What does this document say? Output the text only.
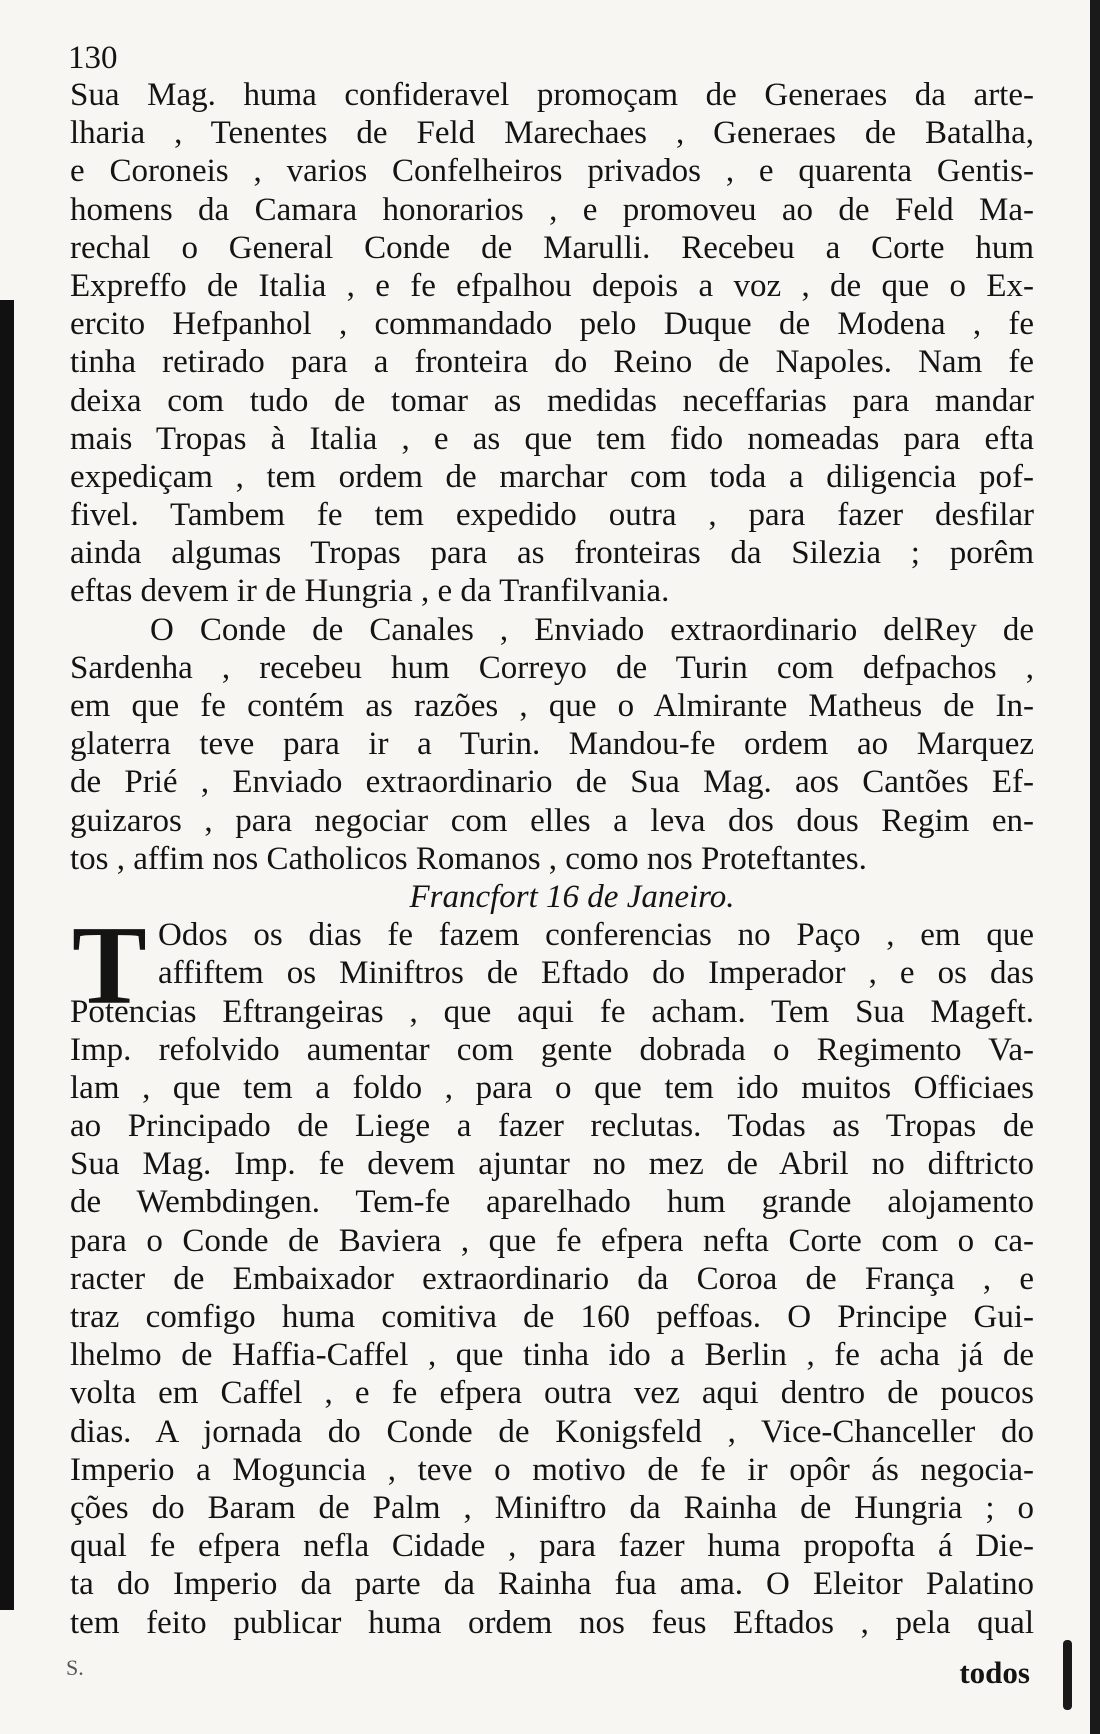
130
Sua Mag. huma confideravel promoçam de Generaes da arte-
lharia , Tenentes de Feld Marechaes , Generaes de Batalha,
e Coroneis , varios Confelheiros privados , e quarenta Gentis-
homens da Camara honorarios , e promoveu ao de Feld Ma-
rechal o General Conde de Marulli. Recebeu a Corte hum
Expreffo de Italia , e fe efpalhou depois a voz , de que o Ex-
ercito Hefpanhol , commandado pelo Duque de Modena , fe
tinha retirado para a fronteira do Reino de Napoles. Nam fe
deixa com tudo de tomar as medidas neceffarias para mandar
mais Tropas à Italia , e as que tem fido nomeadas para efta
expediçam , tem ordem de marchar com toda a diligencia pof-
fivel. Tambem fe tem expedido outra , para fazer desfilar
ainda algumas Tropas para as fronteiras da Silezia ; porêm
eftas devem ir de Hungria , e da Tranfilvania.
O Conde de Canales , Enviado extraordinario delRey de
Sardenha , recebeu hum Correyo de Turin com defpachos ,
em que fe contém as razões , que o Almirante Matheus de In-
glaterra teve para ir a Turin. Mandou-fe ordem ao Marquez
de Prié , Enviado extraordinario de Sua Mag. aos Cantões Ef-
guizaros , para negociar com elles a leva dos dous Regim en-
tos , affim nos Catholicos Romanos , como nos Proteftantes.
Francfort 16 de Janeiro.
Odos os dias fe fazem conferencias no Paço , em que
affiftem os Miniftros de Eftado do Imperador , e os das
Potencias Eftrangeiras , que aqui fe acham. Tem Sua Mageft.
Imp. refolvido aumentar com gente dobrada o Regimento Va-
lam , que tem a foldo , para o que tem ido muitos Officiaes
ao Principado de Liege a fazer reclutas. Todas as Tropas de
Sua Mag. Imp. fe devem ajuntar no mez de Abril no diftricto
de Wembdingen. Tem-fe aparelhado hum grande alojamento
para o Conde de Baviera , que fe efpera nefta Corte com o ca-
racter de Embaixador extraordinario da Coroa de França , e
traz comfigo huma comitiva de 160 peffoas. O Principe Gui-
lhelmo de Haffia-Caffel , que tinha ido a Berlin , fe acha já de
volta em Caffel , e fe efpera outra vez aqui dentro de poucos
dias. A jornada do Conde de Konigsfeld , Vice-Chanceller do
Imperio a Moguncia , teve o motivo de fe ir opôr ás negocia-
ções do Baram de Palm , Miniftro da Rainha de Hungria ; o
qual fe efpera nefla Cidade , para fazer huma propofta á Die-
ta do Imperio da parte da Rainha fua ama. O Eleitor Palatino
tem feito publicar huma ordem nos feus Eftados , pela qual
T
S.	todos
